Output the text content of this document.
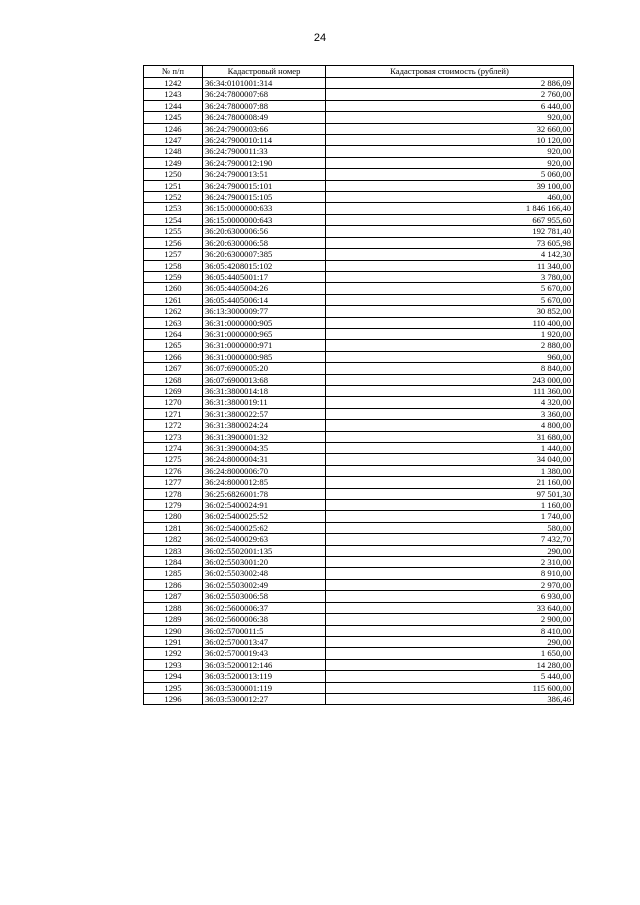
24
№ п/п	Кадастровый номер	Кадастровая стоимость (рублей)
1242	36:34:0101001:314	2 886,09
1243	36:24:7800007:68	2 760,00
1244	36:24:7800007:88	6 440,00
1245	36:24:7800008:49	920,00
1246	36:24:7900003:66	32 660,00
1247	36:24:7900010:114	10 120,00
1248	36:24:7900011:33	920,00
1249	36:24:7900012:190	920,00
1250	36:24:7900013:51	5 060,00
1251	36:24:7900015:101	39 100,00
1252	36:24:7900015:105	460,00
1253	36:15:0000000:633	1 846 166,40
1254	36:15:0000000:643	667 955,60
1255	36:20:6300006:56	192 781,40
1256	36:20:6300006:58	73 605,98
1257	36:20:6300007:385	4 142,30
1258	36:05:4208015:102	11 340,00
1259	36:05:4405001:17	3 780,00
1260	36:05:4405004:26	5 670,00
1261	36:05:4405006:14	5 670,00
1262	36:13:3000009:77	30 852,00
1263	36:31:0000000:905	110 400,00
1264	36:31:0000000:965	1 920,00
1265	36:31:0000000:971	2 880,00
1266	36:31:0000000:985	960,00
1267	36:07:6900005:20	8 840,00
1268	36:07:6900013:68	243 000,00
1269	36:31:3800014:18	111 360,00
1270	36:31:3800019:11	4 320,00
1271	36:31:3800022:57	3 360,00
1272	36:31:3800024:24	4 800,00
1273	36:31:3900001:32	31 680,00
1274	36:31:3900004:35	1 440,00
1275	36:24:8000004:31	34 040,00
1276	36:24:8000006:70	1 380,00
1277	36:24:8000012:85	21 160,00
1278	36:25:6826001:78	97 501,30
1279	36:02:5400024:91	1 160,00
1280	36:02:5400025:52	1 740,00
1281	36:02:5400025:62	580,00
1282	36:02:5400029:63	7 432,70
1283	36:02:5502001:135	290,00
1284	36:02:5503001:20	2 310,00
1285	36:02:5503002:48	8 910,00
1286	36:02:5503002:49	2 970,00
1287	36:02:5503006:58	6 930,00
1288	36:02:5600006:37	33 640,00
1289	36:02:5600006:38	2 900,00
1290	36:02:5700011:5	8 410,00
1291	36:02:5700013:47	290,00
1292	36:02:5700019:43	1 650,00
1293	36:03:5200012:146	14 280,00
1294	36:03:5200013:119	5 440,00
1295	36:03:5300001:119	115 600,00
1296	36:03:5300012:27	386,46
